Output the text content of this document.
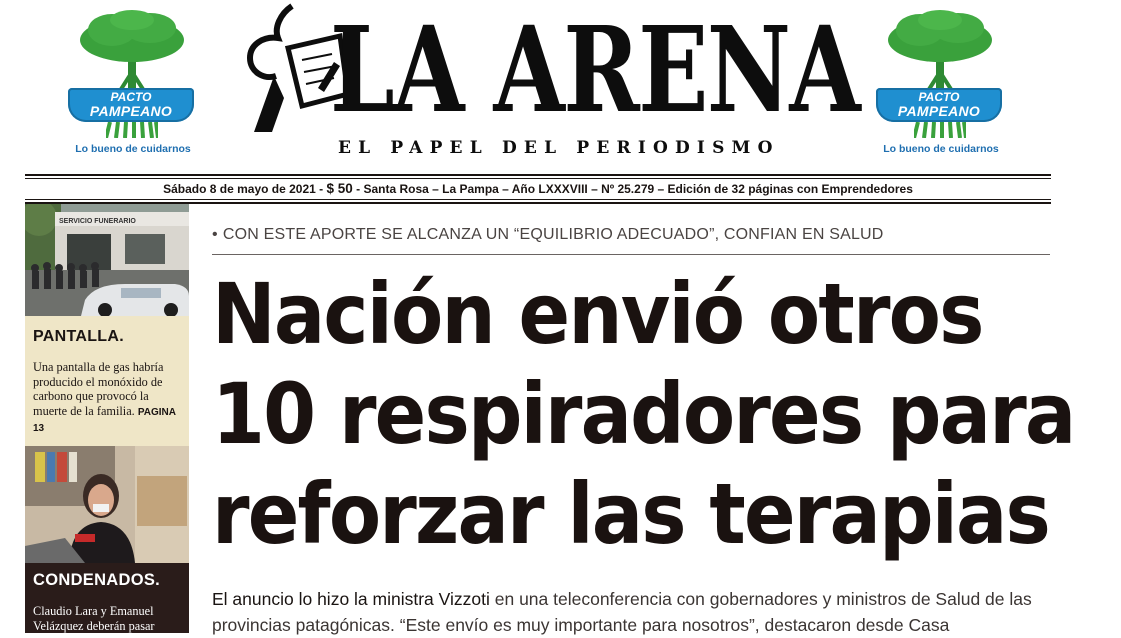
PACTO
PAMPEANO
Lo bueno de cuidarnos
LA ARENA
EL PAPEL DEL PERIODISMO
PACTO
PAMPEANO
Lo bueno de cuidarnos
Sábado 8 de mayo de 2021 - $ 50 - Santa Rosa – La Pampa – Año LXXXVIII – Nº 25.279 – Edición de 32 páginas con Emprendedores
SERVICIO FUNERARIO
PANTALLA.
Una pantalla de gas habría producido el monóxido de carbono que provocó la muerte de la familia. PAGINA 13
CONDENADOS.
Claudio Lara y Emanuel Velázquez deberán pasar
• CON ESTE APORTE SE ALCANZA UN “EQUILIBRIO ADECUADO”, CONFIAN EN SALUD
Nación envió otros
10 respiradores para
reforzar las terapias
El anuncio lo hizo la ministra Vizzoti en una teleconferencia con gobernadores y ministros de Salud de las provincias patagónicas. “Este envío es muy importante para nosotros”, destacaron desde Casa
